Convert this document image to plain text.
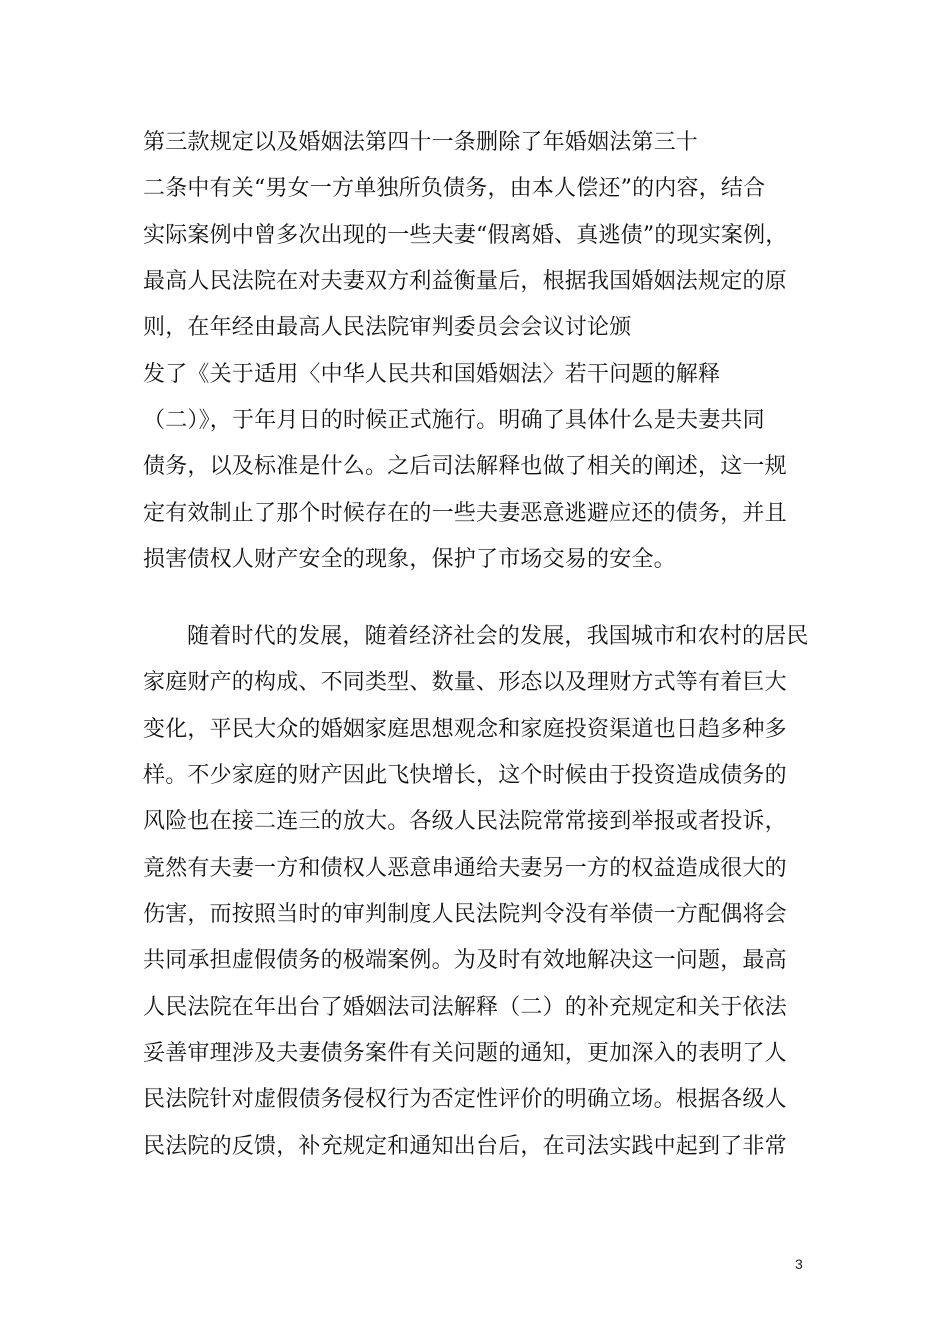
第三款规定以及婚姻法第四十一条删除了年婚姻法第三十
二条中有关“男女一方单独所负债务，由本人偿还”的内容，结合
实际案例中曾多次出现的一些夫妻“假离婚、真逃债”的现实案例，
最高人民法院在对夫妻双方利益衡量后，根据我国婚姻法规定的原
则，在年经由最高人民法院审判委员会会议讨论颁
发了《关于适用〈中华人民共和国婚姻法〉若干问题的解释
（二）》，于年月日的时候正式施行。明确了具体什么是夫妻共同
债务，以及标准是什么。之后司法解释也做了相关的阐述，这一规
定有效制止了那个时候存在的一些夫妻恶意逃避应还的债务，并且
损害债权人财产安全的现象，保护了市场交易的安全。
随着时代的发展，随着经济社会的发展，我国城市和农村的居民
家庭财产的构成、不同类型、数量、形态以及理财方式等有着巨大
变化，平民大众的婚姻家庭思想观念和家庭投资渠道也日趋多种多
样。不少家庭的财产因此飞快增长，这个时候由于投资造成债务的
风险也在接二连三的放大。各级人民法院常常接到举报或者投诉，
竟然有夫妻一方和债权人恶意串通给夫妻另一方的权益造成很大的
伤害，而按照当时的审判制度人民法院判令没有举债一方配偶将会
共同承担虚假债务的极端案例。为及时有效地解决这一问题，最高
人民法院在年出台了婚姻法司法解释（二）的补充规定和关于依法
妥善审理涉及夫妻债务案件有关问题的通知，更加深入的表明了人
民法院针对虚假债务侵权行为否定性评价的明确立场。根据各级人
民法院的反馈，补充规定和通知出台后，在司法实践中起到了非常
3
